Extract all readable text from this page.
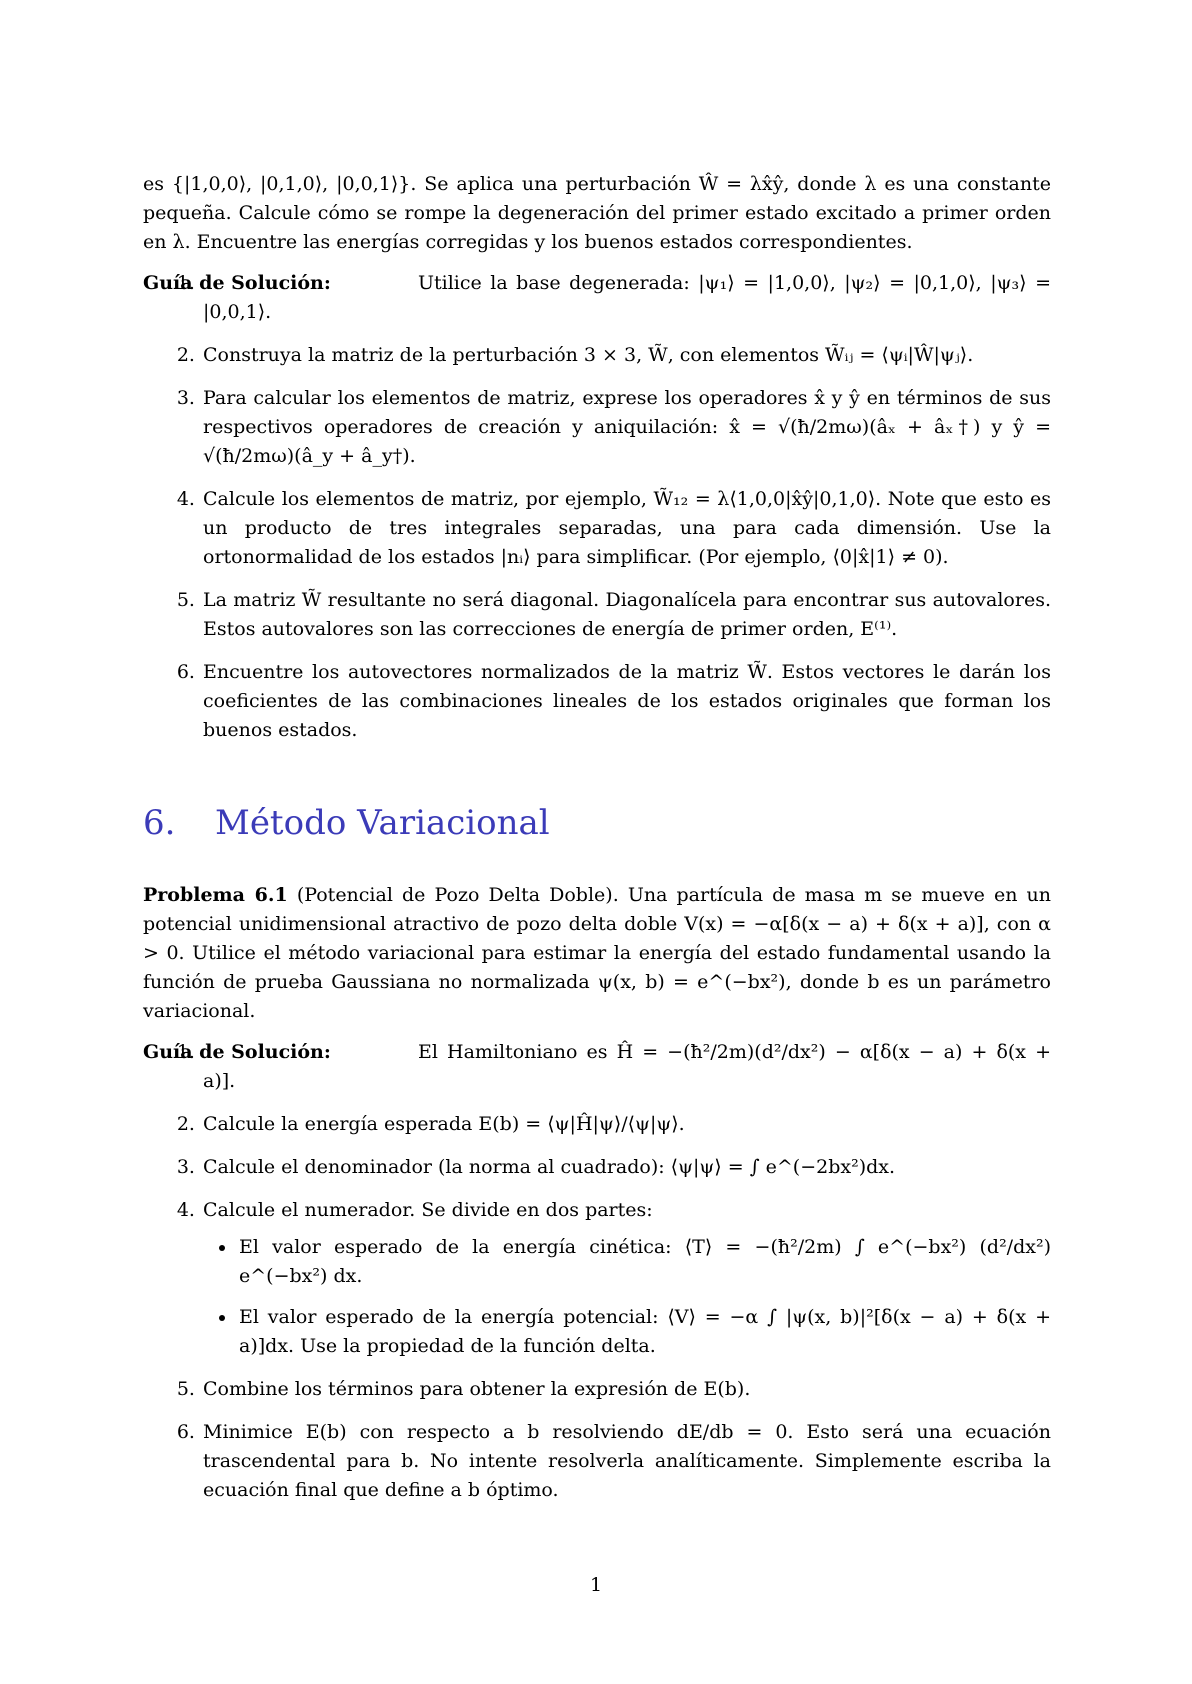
es {|1,0,0⟩, |0,1,0⟩, |0,0,1⟩}. Se aplica una perturbación Ŵ = λx̂ŷ, donde λ es una constante pequeña. Calcule cómo se rompe la degeneración del primer estado excitado a primer orden en λ. Encuentre las energías corregidas y los buenos estados correspondientes.

Guía de Solución:	1. Utilice la base degenerada: |ψ₁⟩ = |1,0,0⟩, |ψ₂⟩ = |0,1,0⟩, |ψ₃⟩ = |0,0,1⟩.
2. Construya la matriz de la perturbación 3 × 3, W̃, con elementos W̃ᵢⱼ = ⟨ψᵢ|Ŵ|ψⱼ⟩.
3. Para calcular los elementos de matriz, exprese los operadores x̂ y ŷ en términos de sus respectivos operadores de creación y aniquilación: x̂ = √(ħ/2mω)(âₓ + âₓ†) y ŷ = √(ħ/2mω)(â_y + â_y†).
4. Calcule los elementos de matriz, por ejemplo, W̃₁₂ = λ⟨1,0,0|x̂ŷ|0,1,0⟩. Note que esto es un producto de tres integrales separadas, una para cada dimensión. Use la ortonormalidad de los estados |nᵢ⟩ para simplificar. (Por ejemplo, ⟨0|x̂|1⟩ ≠ 0).
5. La matriz W̃ resultante no será diagonal. Diagonalícela para encontrar sus autovalores. Estos autovalores son las correcciones de energía de primer orden, E⁽¹⁾.
6. Encuentre los autovectores normalizados de la matriz W̃. Estos vectores le darán los coeficientes de las combinaciones lineales de los estados originales que forman los buenos estados.
6. Método Variacional

Problema 6.1 (Potencial de Pozo Delta Doble). Una partícula de masa m se mueve en un potencial unidimensional atractivo de pozo delta doble V(x) = −α[δ(x − a) + δ(x + a)], con α > 0. Utilice el método variacional para estimar la energía del estado fundamental usando la función de prueba Gaussiana no normalizada ψ(x, b) = e^(−bx²), donde b es un parámetro variacional.

Guía de Solución:	1. El Hamiltoniano es Ĥ = −(ħ²/2m)(d²/dx²) − α[δ(x − a) + δ(x + a)].
2. Calcule la energía esperada E(b) = ⟨ψ|Ĥ|ψ⟩/⟨ψ|ψ⟩.
3. Calcule el denominador (la norma al cuadrado): ⟨ψ|ψ⟩ = ∫ e^(−2bx²)dx.
4. Calcule el numerador. Se divide en dos partes:
• El valor esperado de la energía cinética: ⟨T⟩ = −(ħ²/2m) ∫ e^(−bx²) (d²/dx²) e^(−bx²) dx.
• El valor esperado de la energía potencial: ⟨V⟩ = −α ∫ |ψ(x, b)|²[δ(x − a) + δ(x + a)]dx. Use la propiedad de la función delta.
5. Combine los términos para obtener la expresión de E(b).
6. Minimice E(b) con respecto a b resolviendo dE/db = 0. Esto será una ecuación trascendental para b. No intente resolverla analíticamente. Simplemente escriba la ecuación final que define a b óptimo.
1
